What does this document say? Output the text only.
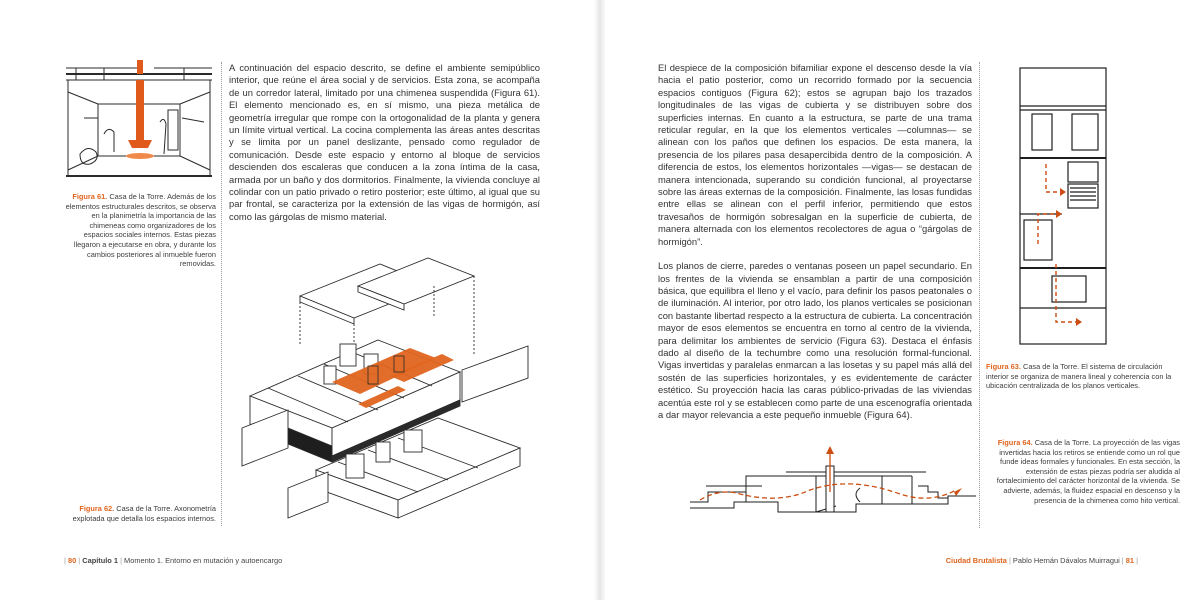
Figura 61. Casa de la Torre. Además de los elementos estructurales descritos, se observa en la planimetría la importancia de las chimeneas como organizadores de los espacios sociales internos. Estas piezas llegaron a ejecutarse en obra, y durante los cambios posteriores al inmueble fueron removidas.

A continuación del espacio descrito, se define el ambiente semipúblico interior, que reúne el área social y de servicios. Esta zona, se acompaña de un corredor lateral, limitado por una chimenea suspendida (Figura 61). El elemento mencionado es, en sí mismo, una pieza metálica de geometría irregular que rompe con la ortogonalidad de la planta y genera un límite virtual vertical. La cocina complementa las áreas antes descritas y se limita por un panel deslizante, pensado como regulador de comunicación. Desde este espacio y entorno al bloque de servicios descienden dos escaleras que conducen a la zona íntima de la casa, armada por un baño y dos dormitorios. Finalmente, la vivienda concluye al colindar con un patio privado o retiro posterior; este último, al igual que su par frontal, se caracteriza por la extensión de las vigas de hormigón, así como las gárgolas de mismo material.

Figura 62. Casa de la Torre. Axonometría explotada que detalla los espacios internos.
| 80 | Capítulo 1 | Momento 1. Entorno en mutación y autoencargo

El despiece de la composición bifamiliar expone el descenso desde la vía hacia el patio posterior, como un recorrido formado por la secuencia espacios contiguos (Figura 62); estos se agrupan bajo los trazados longitudinales de las vigas de cubierta y se distribuyen sobre dos superficies internas. En cuanto a la estructura, se parte de una trama reticular regular, en la que los elementos verticales —columnas— se alinean con los paños que definen los espacios. De esta manera, la presencia de los pilares pasa desapercibida dentro de la composición. A diferencia de estos, los elementos horizontales —vigas— se destacan de manera intencionada, superando su condición funcional, al proyectarse sobre las áreas externas de la composición. Finalmente, las losas fundidas entre ellas se alinean con el perfil inferior, permitiendo que estos travesaños de hormigón sobresalgan en la superficie de cubierta, de manera alternada con los elementos recolectores de agua o “gárgolas de hormigón”.

Los planos de cierre, paredes o ventanas poseen un papel secundario. En los frentes de la vivienda se ensamblan a partir de una composición básica, que equilibra el lleno y el vacío, para definir los pasos peatonales o de iluminación. Al interior, por otro lado, los planos verticales se posicionan con bastante libertad respecto a la estructura de cubierta. La concentración mayor de esos elementos se encuentra en torno al centro de la vivienda, para delimitar los ambientes de servicio (Figura 63). Destaca el énfasis dado al diseño de la techumbre como una resolución formal-funcional. Vigas invertidas y paralelas enmarcan a las losetas y su papel más allá del sostén de las superficies horizontales, y es evidentemente de carácter estético. Su proyección hacia las caras público-privadas de las viviendas acentúa este rol y se establecen como parte de una escenografía orientada a dar mayor relevancia a este pequeño inmueble (Figura 64).

Figura 63. Casa de la Torre. El sistema de circulación interior se organiza de manera lineal y coherencia con la ubicación centralizada de los planos verticales.
Figura 64. Casa de la Torre. La proyección de las vigas invertidas hacia los retiros se entiende como un rol que funde ideas formales y funcionales. En esta sección, la extensión de estas piezas podría ser aludida al fortalecimiento del carácter horizontal de la vivienda. Se advierte, además, la fluidez espacial en descenso y la presencia de la chimenea como hito vertical.
Ciudad Brutalista | Pablo Hernán Dávalos Muirragui | 81 |
